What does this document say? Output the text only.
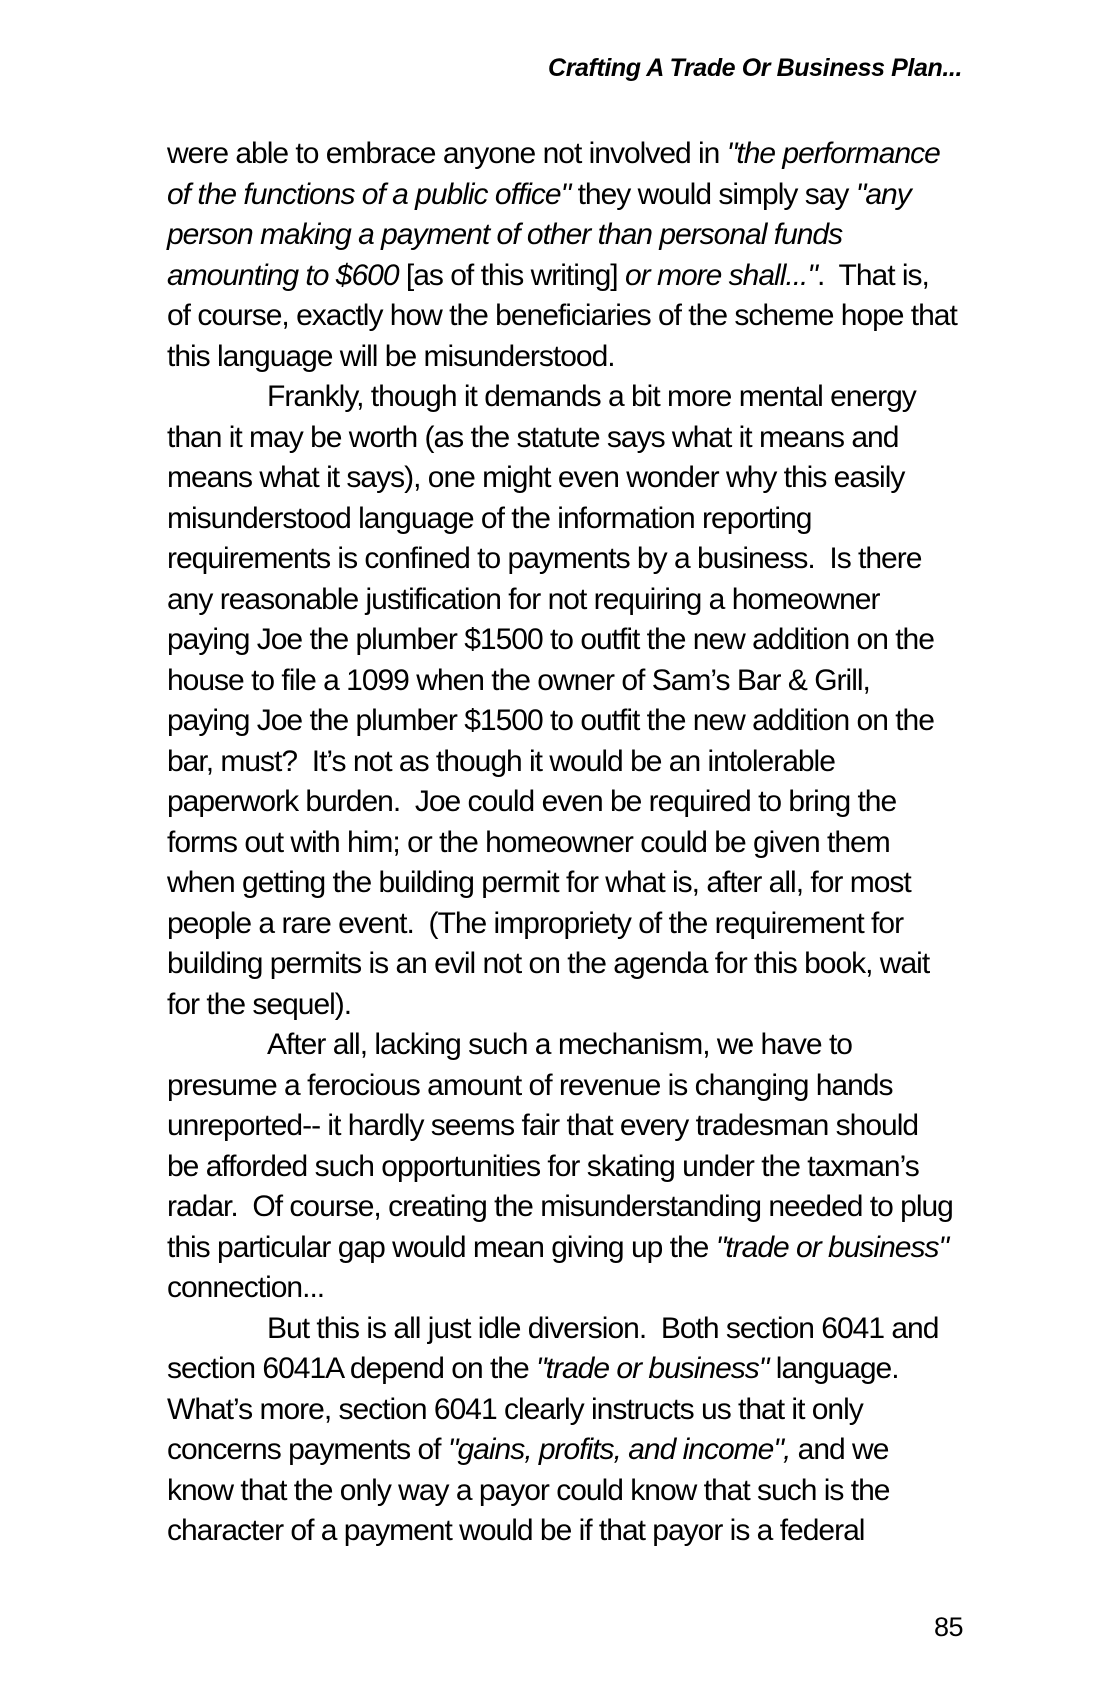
Crafting A Trade Or Business Plan...
were able to embrace anyone not involved in "the performance
of the functions of a public office" they would simply say "any
person making a payment of other than personal funds
amounting to $600 [as of this writing] or more shall...".  That is,
of course, exactly how the beneficiaries of the scheme hope that
this language will be misunderstood.
Frankly, though it demands a bit more mental energy
than it may be worth (as the statute says what it means and
means what it says), one might even wonder why this easily
misunderstood language of the information reporting
requirements is confined to payments by a business.  Is there
any reasonable justification for not requiring a homeowner
paying Joe the plumber $1500 to outfit the new addition on the
house to file a 1099 when the owner of Sam’s Bar & Grill,
paying Joe the plumber $1500 to outfit the new addition on the
bar, must?  It’s not as though it would be an intolerable
paperwork burden.  Joe could even be required to bring the
forms out with him; or the homeowner could be given them
when getting the building permit for what is, after all, for most
people a rare event.  (The impropriety of the requirement for
building permits is an evil not on the agenda for this book, wait
for the sequel).
After all, lacking such a mechanism, we have to
presume a ferocious amount of revenue is changing hands
unreported-- it hardly seems fair that every tradesman should
be afforded such opportunities for skating under the taxman’s
radar.  Of course, creating the misunderstanding needed to plug
this particular gap would mean giving up the "trade or business"
connection...
But this is all just idle diversion.  Both section 6041 and
section 6041A depend on the "trade or business" language.
What’s more, section 6041 clearly instructs us that it only
concerns payments of "gains, profits, and income", and we
know that the only way a payor could know that such is the
character of a payment would be if that payor is a federal
85
